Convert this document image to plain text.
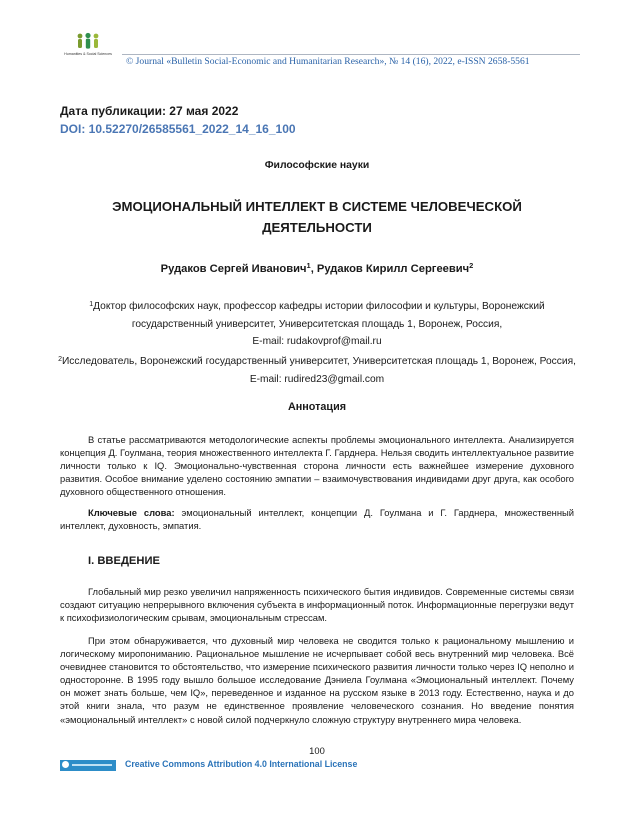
Humanities & Social Sciences
© Journal «Bulletin Social-Economic and Humanitarian Research», № 14 (16), 2022, e-ISSN 2658-5561
Дата публикации: 27 мая 2022
DOI: 10.52270/26585561_2022_14_16_100
Философские науки
ЭМОЦИОНАЛЬНЫЙ ИНТЕЛЛЕКТ В СИСТЕМЕ ЧЕЛОВЕЧЕСКОЙ ДЕЯТЕЛЬНОСТИ
Рудаков Сергей Иванович$^1$, Рудаков Кирилл Сергеевич$^2$
$^1$Доктор философских наук, профессор кафедры истории философии и культуры, Воронежский государственный университет, Университетская площадь 1, Воронеж, Россия,
E-mail: rudakovprof@mail.ru
$^2$Исследователь, Воронежский государственный университет, Университетская площадь 1, Воронеж, Россия, E-mail: rudired23@gmail.com
Аннотация
В статье рассматриваются методологические аспекты проблемы эмоционального интеллекта. Анализируется концепция Д. Гоулмана, теория множественного интеллекта Г. Гарднера. Нельзя сводить интеллектуальное развитие личности только к IQ. Эмоционально-чувственная сторона личности есть важнейшее измерение духовного развития. Особое внимание уделено состоянию эмпатии – взаимочувствования индивидами друг друга, как особого духовного общественного отношения.
Ключевые слова: эмоциональный интеллект, концепции Д. Гоулмана и Г. Гарднера, множественный интеллект, духовность, эмпатия.
I. ВВЕДЕНИЕ

Глобальный мир резко увеличил напряженность психического бытия индивидов. Современные системы связи создают ситуацию непрерывного включения субъекта в информационный поток. Информационные перегрузки ведут к психофизиологическим срывам, эмоциональным стрессам.

При этом обнаруживается, что духовный мир человека не сводится только к рациональному мышлению и логическому миропониманию. Рациональное мышление не исчерпывает собой весь внутренний мир человека. Всё очевиднее становится то обстоятельство, что измерение психического развития личности только через IQ неполно и односторонне. В 1995 году вышло большое исследование Дэниела Гоулмана «Эмоциональный интеллект. Почему он может знать больше, чем IQ», переведенное и изданное на русском языке в 2013 году. Естественно, наука и до этой книги знала, что разум не единственное проявление человеческого сознания. Но введение понятия «эмоциональный интеллект» с новой силой подчеркнуло сложную структуру внутреннего мира человека.

100
Creative Commons Attribution 4.0 International License
